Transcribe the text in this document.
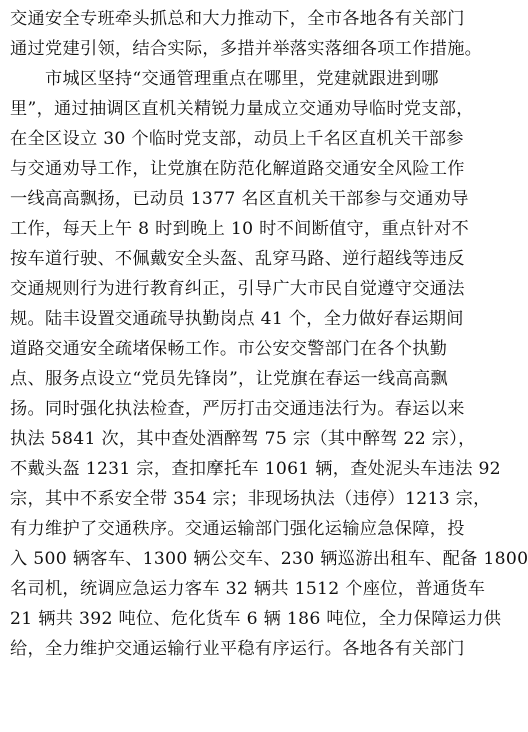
交通安全专班牵头抓总和大力推动下，全市各地各有关部门
通过党建引领，结合实际，多措并举落实落细各项工作措施。
　　市城区坚持“交通管理重点在哪里，党建就跟进到哪
里”，通过抽调区直机关精锐力量成立交通劝导临时党支部，
在全区设立 30 个临时党支部，动员上千名区直机关干部参
与交通劝导工作，让党旗在防范化解道路交通安全风险工作
一线高高飘扬，已动员 1377 名区直机关干部参与交通劝导
工作，每天上午 8 时到晚上 10 时不间断值守，重点针对不
按车道行驶、不佩戴安全头盔、乱穿马路、逆行超线等违反
交通规则行为进行教育纠正，引导广大市民自觉遵守交通法
规。陆丰设置交通疏导执勤岗点 41 个，全力做好春运期间
道路交通安全疏堵保畅工作。市公安交警部门在各个执勤
点、服务点设立“党员先锋岗”，让党旗在春运一线高高飘
扬。同时强化执法检查，严厉打击交通违法行为。春运以来
执法 5841 次，其中查处酒醉驾 75 宗（其中醉驾 22 宗），
不戴头盔 1231 宗，查扣摩托车 1061 辆，查处泥头车违法 92
宗，其中不系安全带 354 宗；非现场执法（违停）1213 宗，
有力维护了交通秩序。交通运输部门强化运输应急保障，投
入 500 辆客车、1300 辆公交车、230 辆巡游出租车、配备 1800
名司机，统调应急运力客车 32 辆共 1512 个座位，普通货车
21 辆共 392 吨位、危化货车 6 辆 186 吨位，全力保障运力供
给，全力维护交通运输行业平稳有序运行。各地各有关部门
